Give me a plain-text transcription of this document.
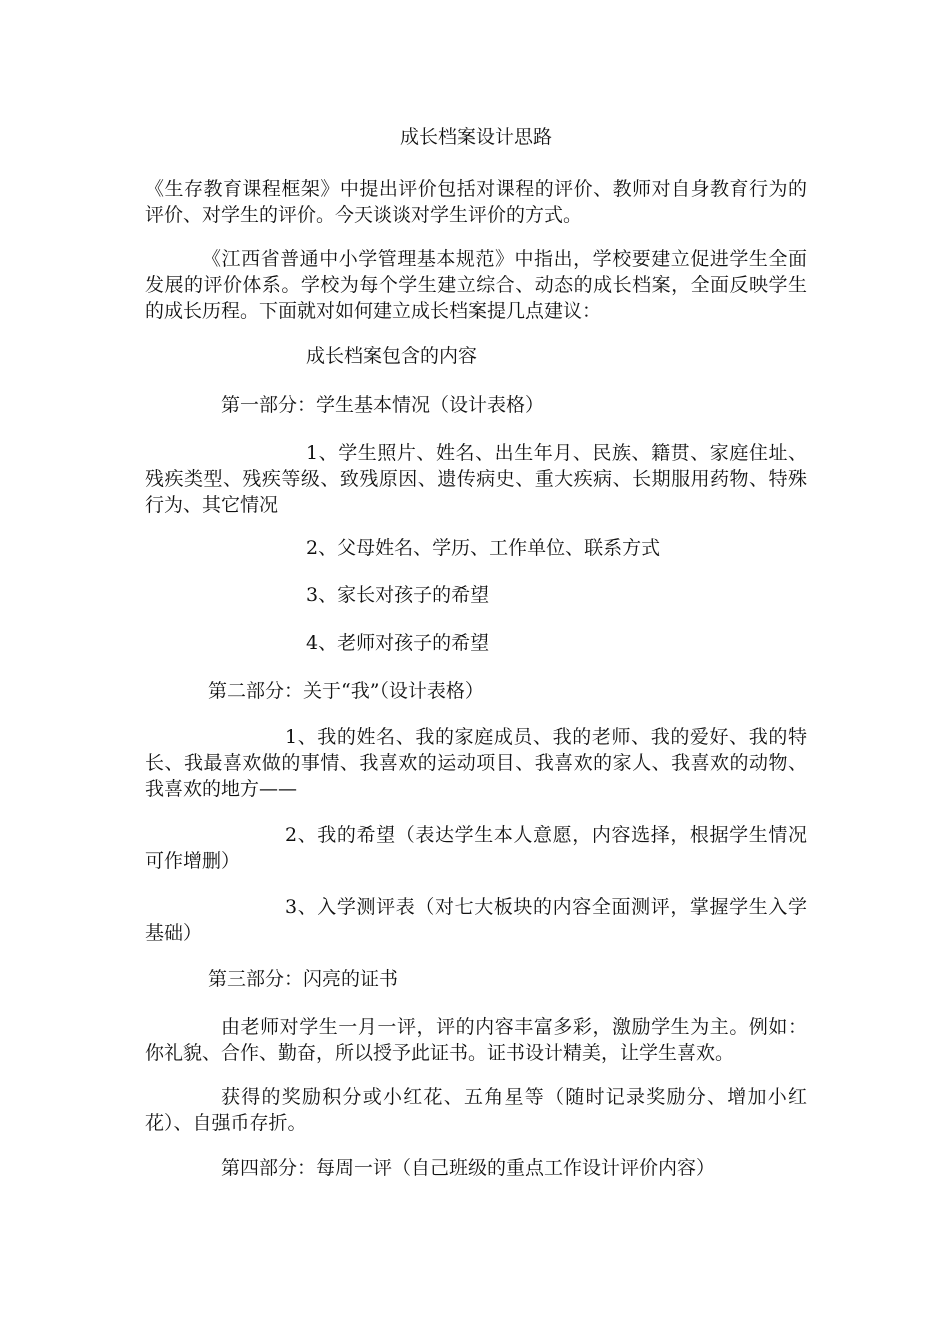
成长档案设计思路

《生存教育课程框架》中提出评价包括对课程的评价、教师对自身教育行为的评价、对学生的评价。今天谈谈对学生评价的方式。

《江西省普通中小学管理基本规范》中指出，学校要建立促进学生全面发展的评价体系。学校为每个学生建立综合、动态的成长档案，全面反映学生的成长历程。下面就对如何建立成长档案提几点建议：

成长档案包含的内容

第一部分：学生基本情况（设计表格）

1、学生照片、姓名、出生年月、民族、籍贯、家庭住址、残疾类型、残疾等级、致残原因、遗传病史、重大疾病、长期服用药物、特殊行为、其它情况

2、父母姓名、学历、工作单位、联系方式

3、家长对孩子的希望

4、老师对孩子的希望

第二部分：关于“我”（设计表格）

1、我的姓名、我的家庭成员、我的老师、我的爱好、我的特长、我最喜欢做的事情、我喜欢的运动项目、我喜欢的家人、我喜欢的动物、我喜欢的地方——

2、我的希望（表达学生本人意愿，内容选择，根据学生情况可作增删）

3、入学测评表（对七大板块的内容全面测评，掌握学生入学基础）

第三部分：闪亮的证书

由老师对学生一月一评，评的内容丰富多彩，激励学生为主。例如：你礼貌、合作、勤奋，所以授予此证书。证书设计精美，让学生喜欢。

获得的奖励积分或小红花、五角星等（随时记录奖励分、增加小红花）、自强币存折。

第四部分：每周一评（自己班级的重点工作设计评价内容）
